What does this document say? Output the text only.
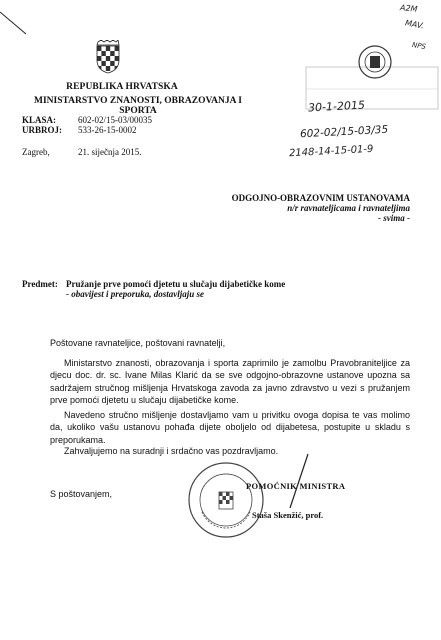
REPUBLIKA HRVATSKA
MINISTARSTVO ZNANOSTI, OBRAZOVANJA I SPORTA
KLASA: 602-02/15-03/00035
URBROJ: 533-26-15-0002
Zagreb,	21. siječnja 2015.
A2M
MAV.
NPS
30-1-2015
602-02/15-03/35
2148-14-15-01-9
ODGOJNO-OBRAZOVNIM USTANOVAMA
n/r ravnateljicama i ravnateljima
- svima -
Predmet: Pružanje prve pomoći djetetu u slučaju dijabetičke kome
- obavijest i preporuka, dostavljaju se
Poštovane ravnateljice, poštovani ravnatelji,
Ministarstvo znanosti, obrazovanja i sporta zaprimilo je zamolbu Pravobraniteljice za djecu doc. dr. sc. Ivane Milas Klarić da se sve odgojno-obrazovne ustanove upozna sa sadržajem stručnog mišljenja Hrvatskoga zavoda za javno zdravstvo u vezi s pružanjem prve pomoći djetetu u slučaju dijabetičke kome.
Navedeno stručno mišljenje dostavljamo vam u privitku ovoga dopisa te vas molimo da, ukoliko vašu ustanovu pohađa dijete oboljelo od dijabetesa, postupite u skladu s preporukama.
Zahvaljujemo na suradnji i srdačno vas pozdravljamo.
S poštovanjem,
POMOĆNIK MINISTRA
Staša Skenžić, prof.
